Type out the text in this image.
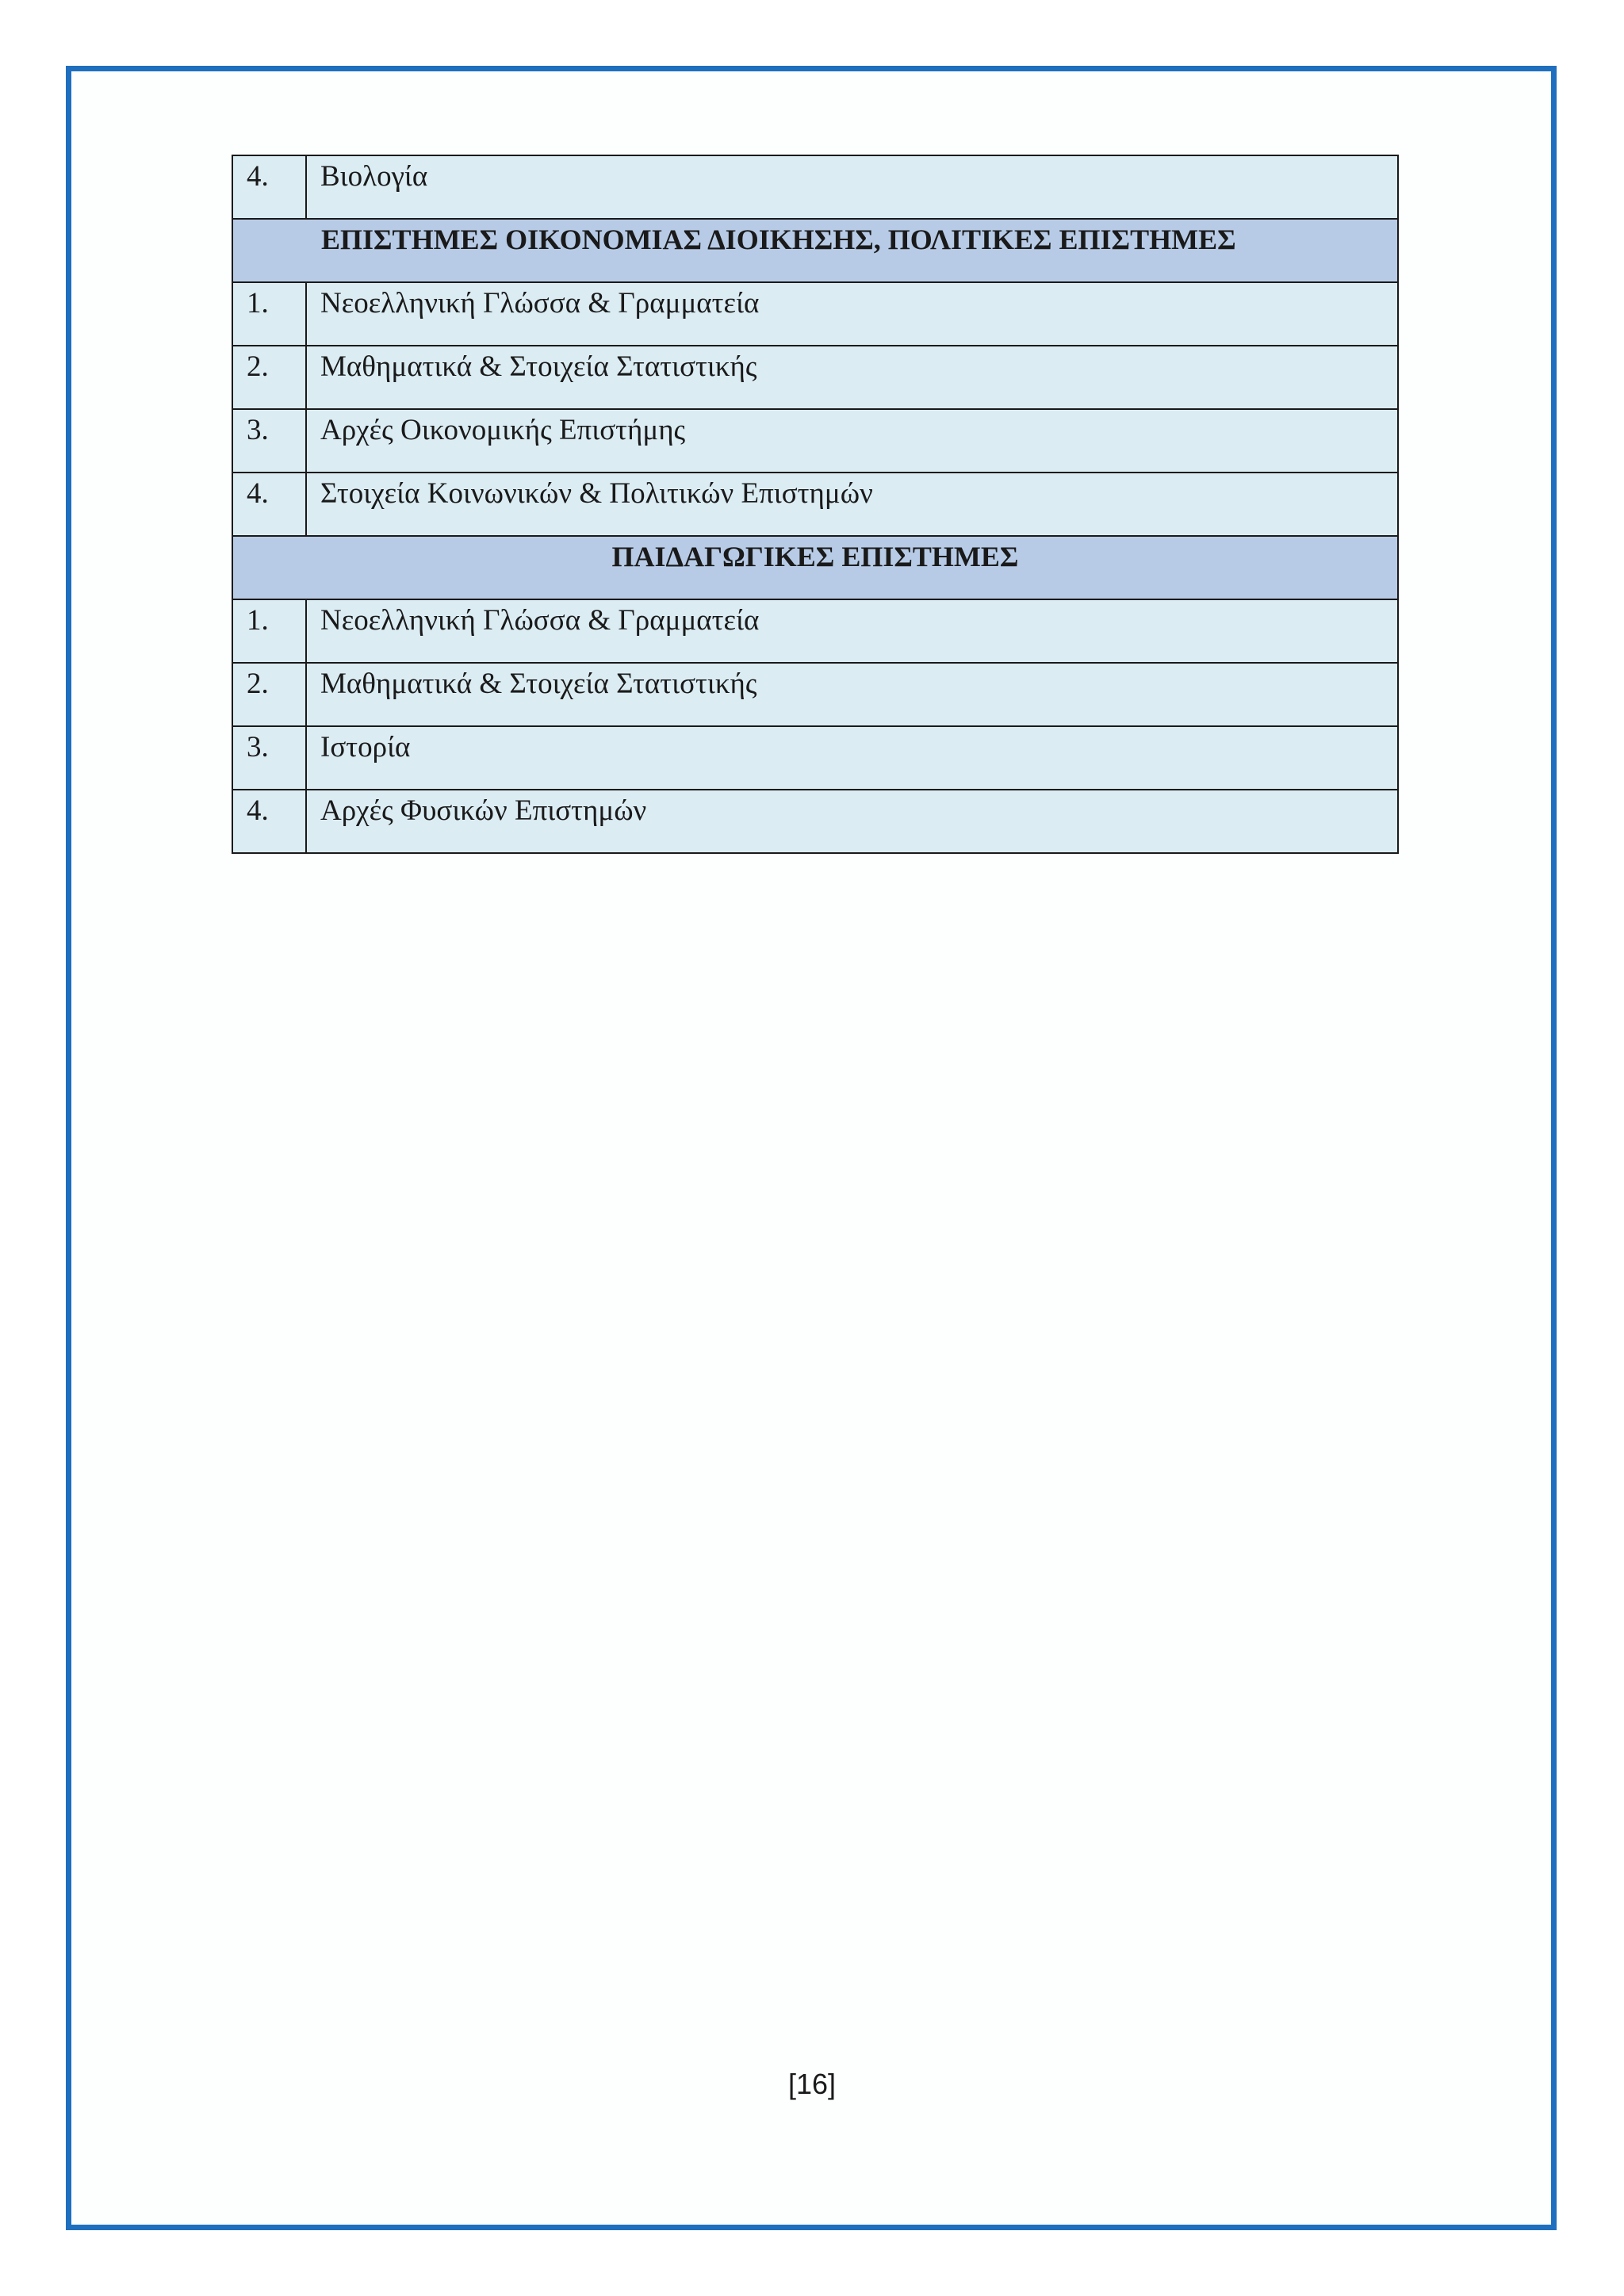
4.	Βιολογία
ΕΠΙΣΤΗΜΕΣ ΟΙΚΟΝΟΜΙΑΣ ΔΙΟΙΚΗΣΗΣ, ΠΟΛΙΤΙΚΕΣ ΕΠΙΣΤΗΜΕΣ	
1.	Νεοελληνική Γλώσσα & Γραμματεία
2.	Μαθηματικά & Στοιχεία Στατιστικής
3.	Αρχές Οικονομικής Επιστήμης
4.	Στοιχεία Κοινωνικών & Πολιτικών Επιστημών
ΠΑΙΔΑΓΩΓΙΚΕΣ ΕΠΙΣΤΗΜΕΣ	
1.	Νεοελληνική Γλώσσα & Γραμματεία
2.	Μαθηματικά & Στοιχεία Στατιστικής
3.	Ιστορία
4.	Αρχές Φυσικών Επιστημών
[16]
